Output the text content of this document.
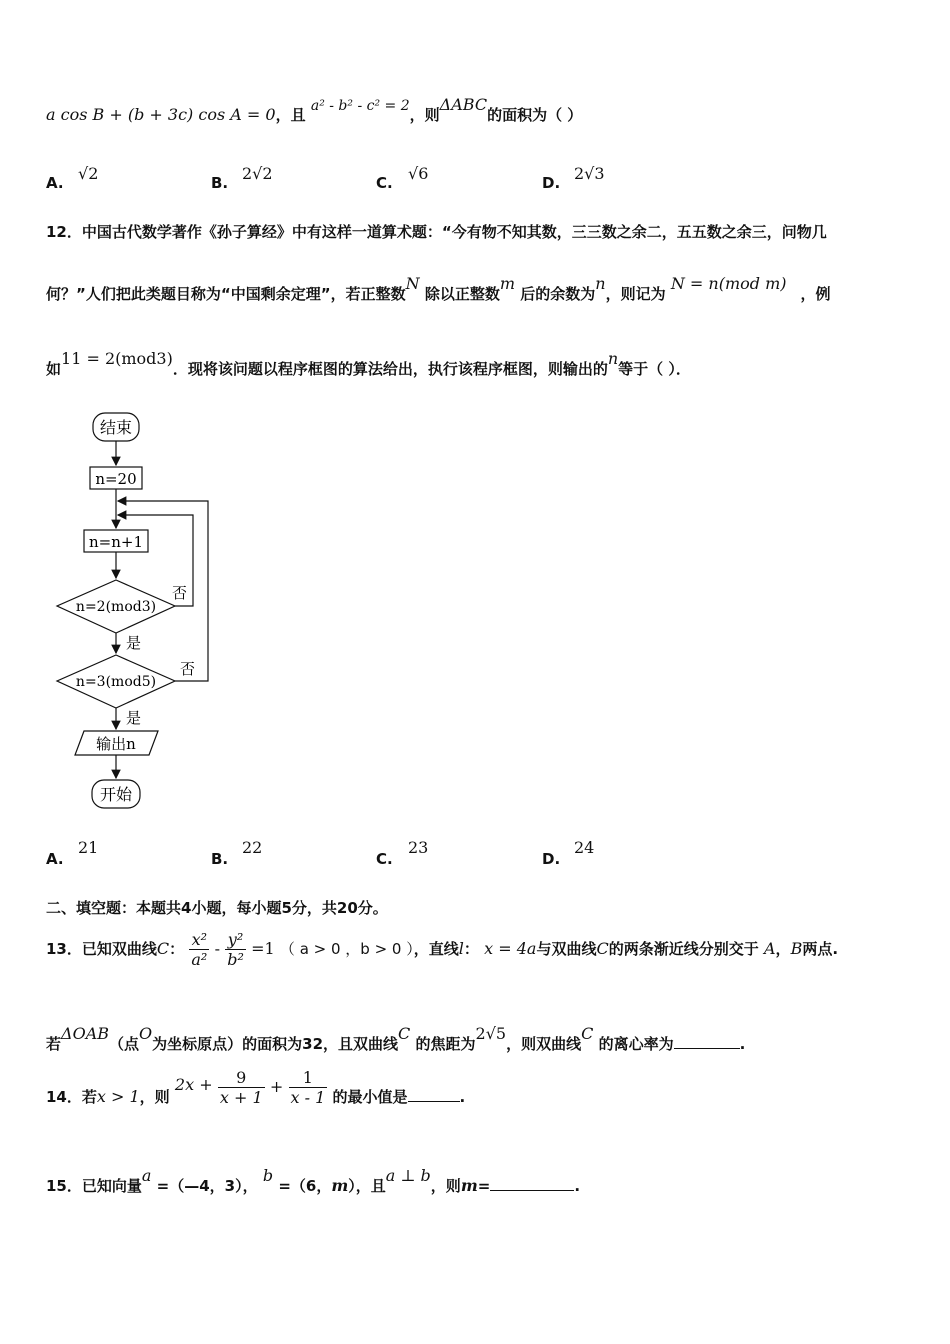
a cos B + (b + 3c) cos A = 0，且 a² - b² - c² = 2，则ΔABC的面积为（ ）
A. √2	B. 2√2	C. √6	D. 2√3
12．中国古代数学著作《孙子算经》中有这样一道算术题：“今有物不知其数，三三数之余二，五五数之余三，问物几
何？”人们把此类题目称为“中国剩余定理”，若正整数N 除以正整数m 后的余数为n，则记为 N = n(mod m)，例
如11 = 2(mod3)．现将该问题以程序框图的算法给出，执行该程序框图，则输出的n等于（ ）．
结束
n=20
n=n+1
n=2(mod3)
n=3(mod5)
否
否
是
是
输出n
开始
A.
21
B.
22
C.
23
D.
24
二、填空题：本题共4小题，每小题5分，共20分。
13．已知双曲线C： $\frac{\text{x²}}{\text{a²}} - \frac{\text{y²}}{\text{b²}} =1$ （ a > 0 ，b > 0 ），直线l： x = 4a与双曲线C的两条渐近线分别交于 A，B两点.
若ΔOAB（点O为坐标原点）的面积为32，且双曲线C 的焦距为2√5，则双曲线C 的离心率为	.
14．若x > 1，则 $2x + \frac{9}{x + 1} + \frac{1}{x - 1}$ 的最小值是	.
15．已知向量a =（—4，3）， b =（6，m），且a ⊥ b，则m=	.
